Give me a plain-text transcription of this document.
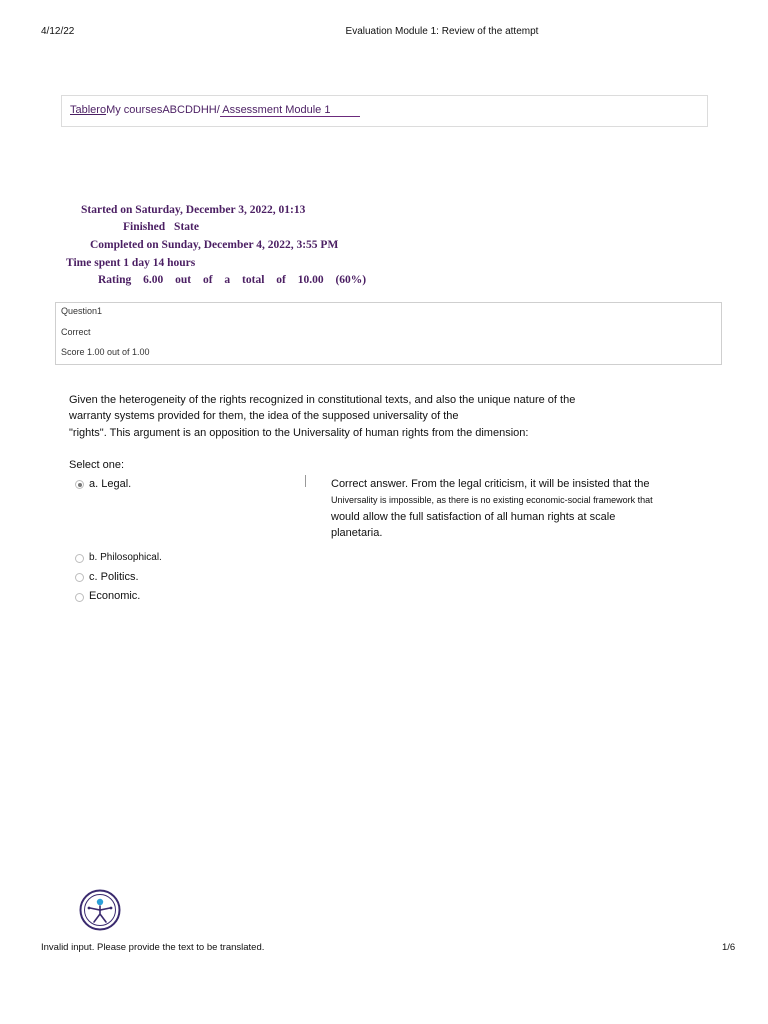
4/12/22	Evaluation Module 1: Review of the attempt
TableroMy coursesABCDDHH/ Assessment Module 1
Started on Saturday, December 3, 2022, 01:13
Finished State
Completed on Sunday, December 4, 2022, 3:55 PM
Time spent 1 day 14 hours
Rating 6.00 out of a total of 10.00 (60%)
Question1
Correct
Score 1.00 out of 1.00
Given the heterogeneity of the rights recognized in constitutional texts, and also the unique nature of the
warranty systems provided for them, the idea of the supposed universality of the
"rights". This argument is an opposition to the Universality of human rights from the dimension:
Select one:
a. Legal.
b. Philosophical.
c. Politics.
Economic.
Correct answer. From the legal criticism, it will be insisted that the
Universality is impossible, as there is no existing economic-social framework that
would allow the full satisfaction of all human rights at scale
planetaria.
Invalid input. Please provide the text to be translated.	1/6
